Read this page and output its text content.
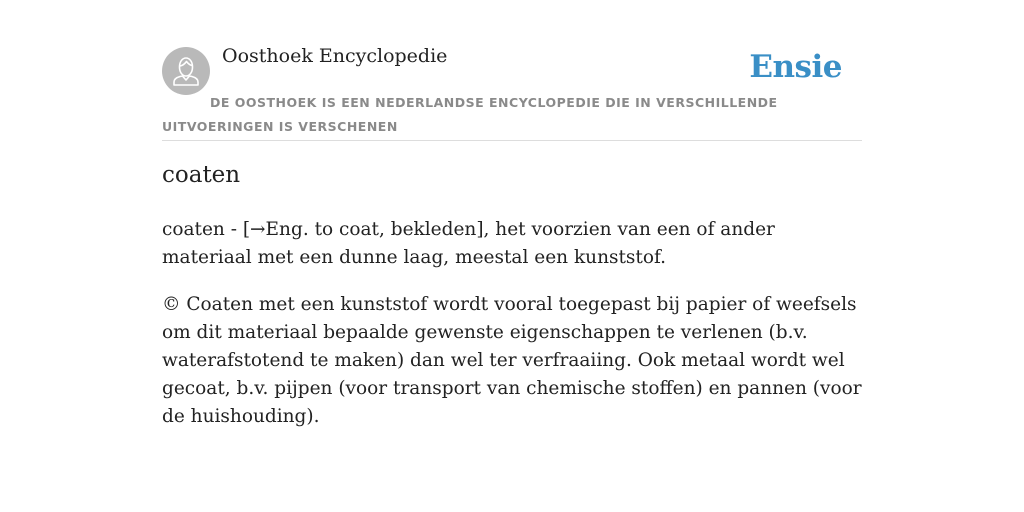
Oosthoek Encyclopedie	Ensie
DE OOSTHOEK IS EEN NEDERLANDSE ENCYCLOPEDIE DIE IN VERSCHILLENDE UITVOERINGEN IS VERSCHENEN
coaten

coaten - [→Eng. to coat, bekleden], het voorzien van een of ander materiaal met een dunne laag, meestal een kunststof.

© Coaten met een kunststof wordt vooral toegepast bij papier of weefsels om dit materiaal bepaalde gewenste eigenschappen te verlenen (b.v. waterafstotend te maken) dan wel ter verfraaiing. Ook metaal wordt wel gecoat, b.v. pijpen (voor transport van chemische stoffen) en pannen (voor de huishouding).
